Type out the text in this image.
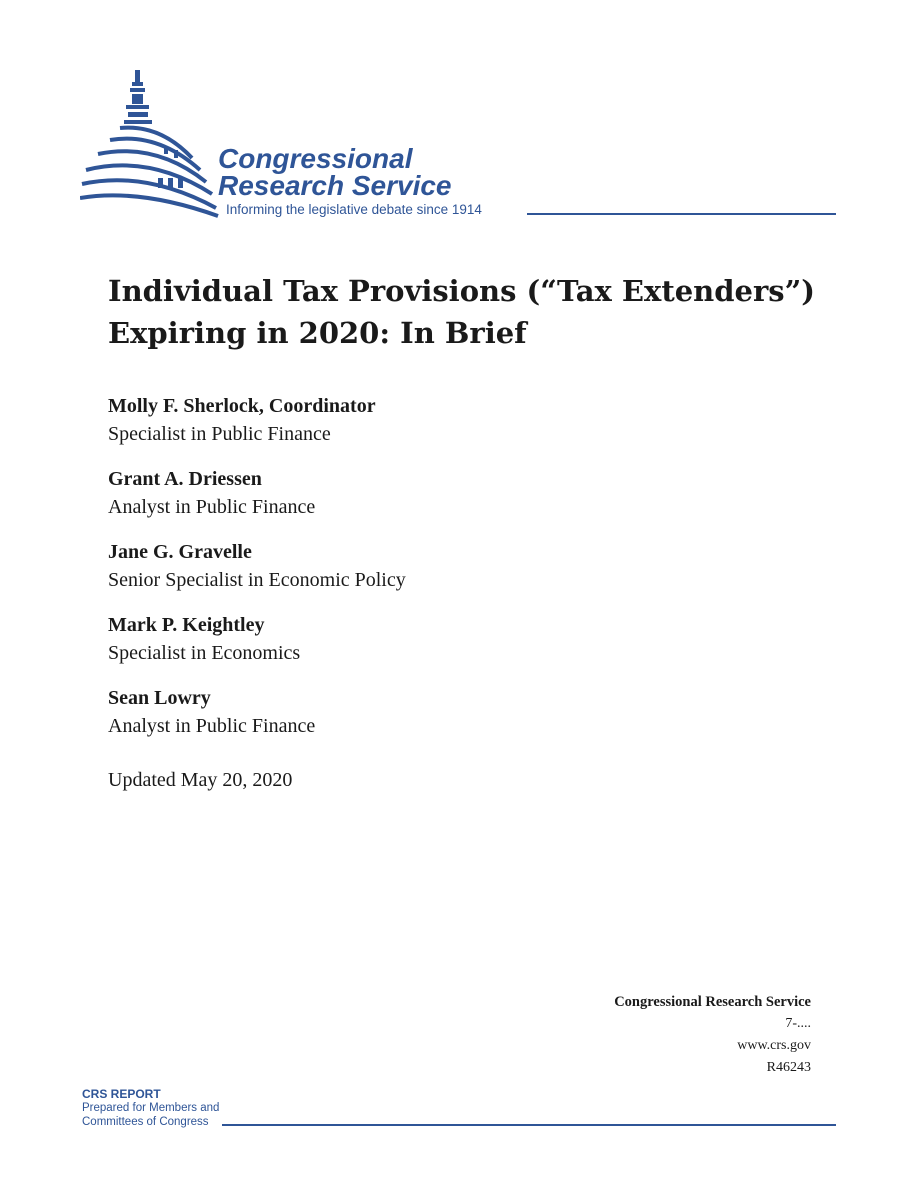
Congressional
Research Service
Informing the legislative debate since 1914
Individual Tax Provisions (“Tax Extenders”) Expiring in 2020: In Brief
Molly F. Sherlock, Coordinator
Specialist in Public Finance
Grant A. Driessen
Analyst in Public Finance
Jane G. Gravelle
Senior Specialist in Economic Policy
Mark P. Keightley
Specialist in Economics
Sean Lowry
Analyst in Public Finance
Updated May 20, 2020
Congressional Research Service
7-....
www.crs.gov
R46243
CRS REPORT
Prepared for Members and
Committees of Congress
